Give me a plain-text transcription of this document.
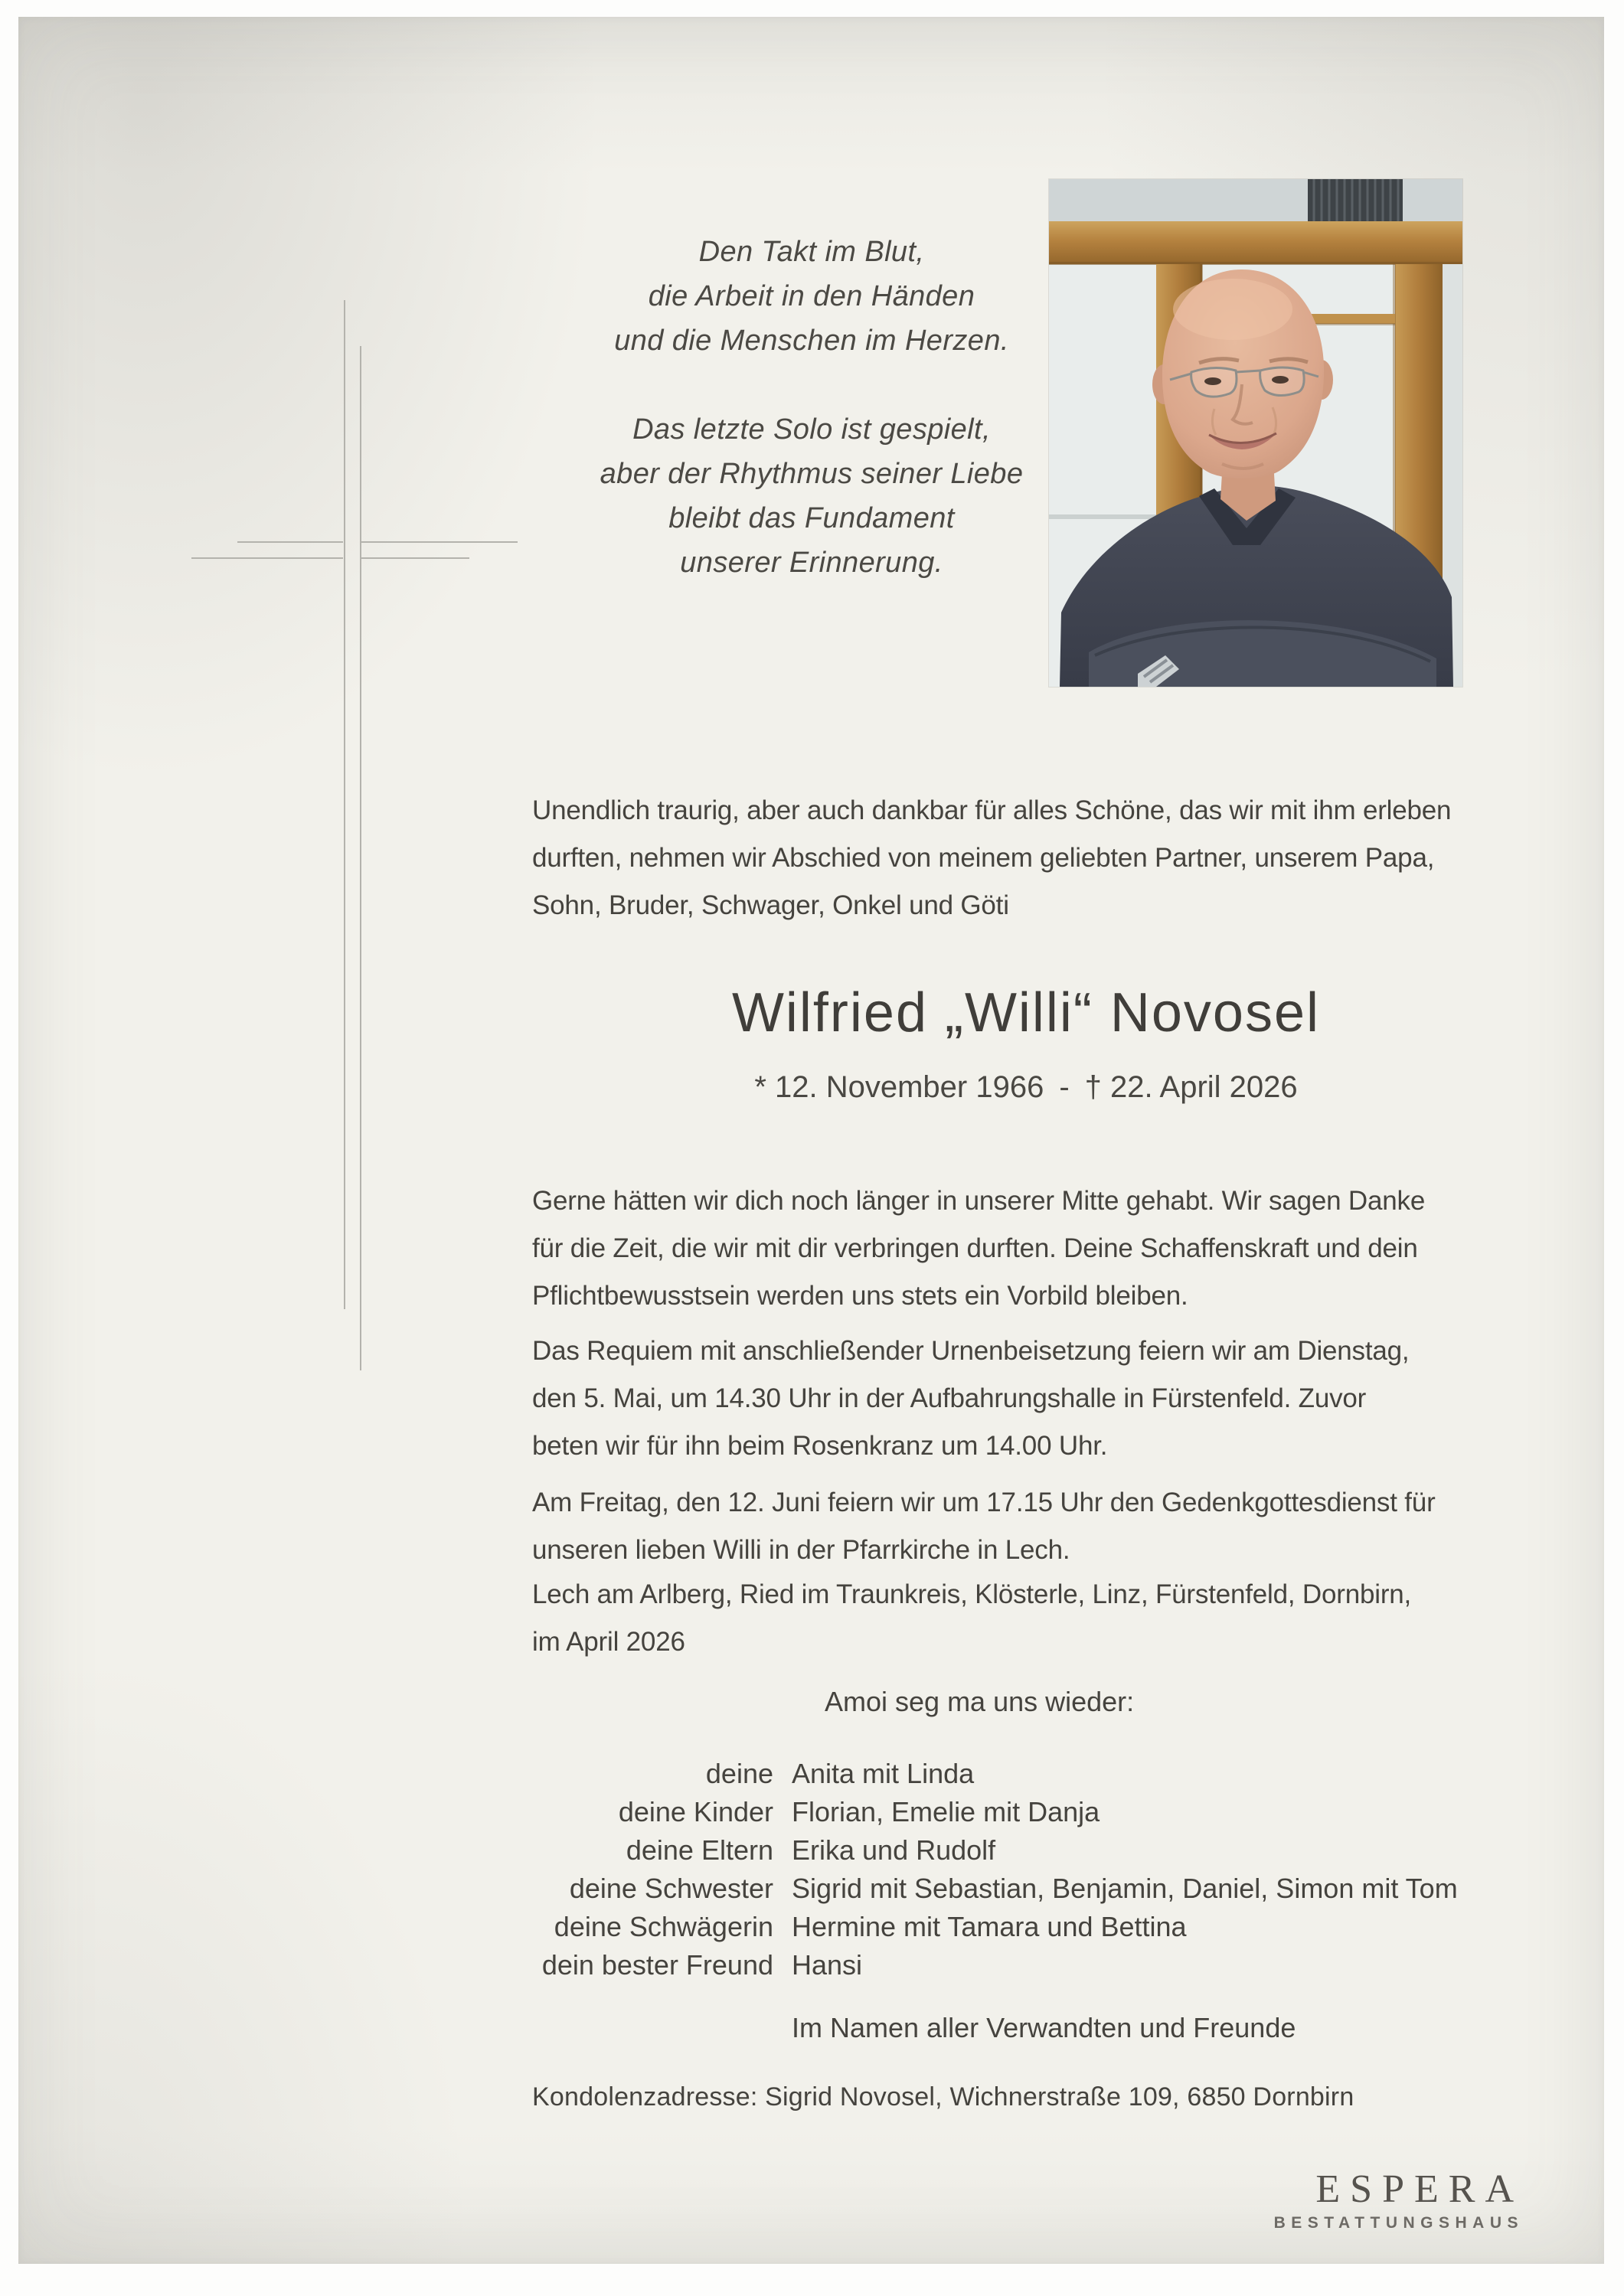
Den Takt im Blut,
die Arbeit in den Händen
und die Menschen im Herzen.
Das letzte Solo ist gespielt,
aber der Rhythmus seiner Liebe
bleibt das Fundament
unserer Erinnerung.
Unendlich traurig, aber auch dankbar für alles Schöne, das wir mit ihm erleben
durften, nehmen wir Abschied von meinem geliebten Partner, unserem Papa,
Sohn, Bruder, Schwager, Onkel und Göti
Wilfried „Willi“ Novosel
* 12. November 1966 - † 22. April 2026
Gerne hätten wir dich noch länger in unserer Mitte gehabt. Wir sagen Danke
für die Zeit, die wir mit dir verbringen durften. Deine Schaffenskraft und dein
Pflichtbewusstsein werden uns stets ein Vorbild bleiben.
Das Requiem mit anschließender Urnenbeisetzung feiern wir am Dienstag,
den 5. Mai, um 14.30 Uhr in der Aufbahrungshalle in Fürstenfeld. Zuvor
beten wir für ihn beim Rosenkranz um 14.00 Uhr.
Am Freitag, den 12. Juni feiern wir um 17.15 Uhr den Gedenkgottesdienst für
unseren lieben Willi in der Pfarrkirche in Lech.
Lech am Arlberg, Ried im Traunkreis, Klösterle, Linz, Fürstenfeld, Dornbirn,
im April 2026
Amoi seg ma uns wieder:
deine Anita mit Linda
deine Kinder Florian, Emelie mit Danja
deine Eltern Erika und Rudolf
deine Schwester Sigrid mit Sebastian, Benjamin, Daniel, Simon mit Tom
deine Schwägerin Hermine mit Tamara und Bettina
dein bester Freund Hansi
Im Namen aller Verwandten und Freunde
Kondolenzadresse: Sigrid Novosel, Wichnerstraße 109, 6850 Dornbirn
ESPERA
BESTATTUNGSHAUS
